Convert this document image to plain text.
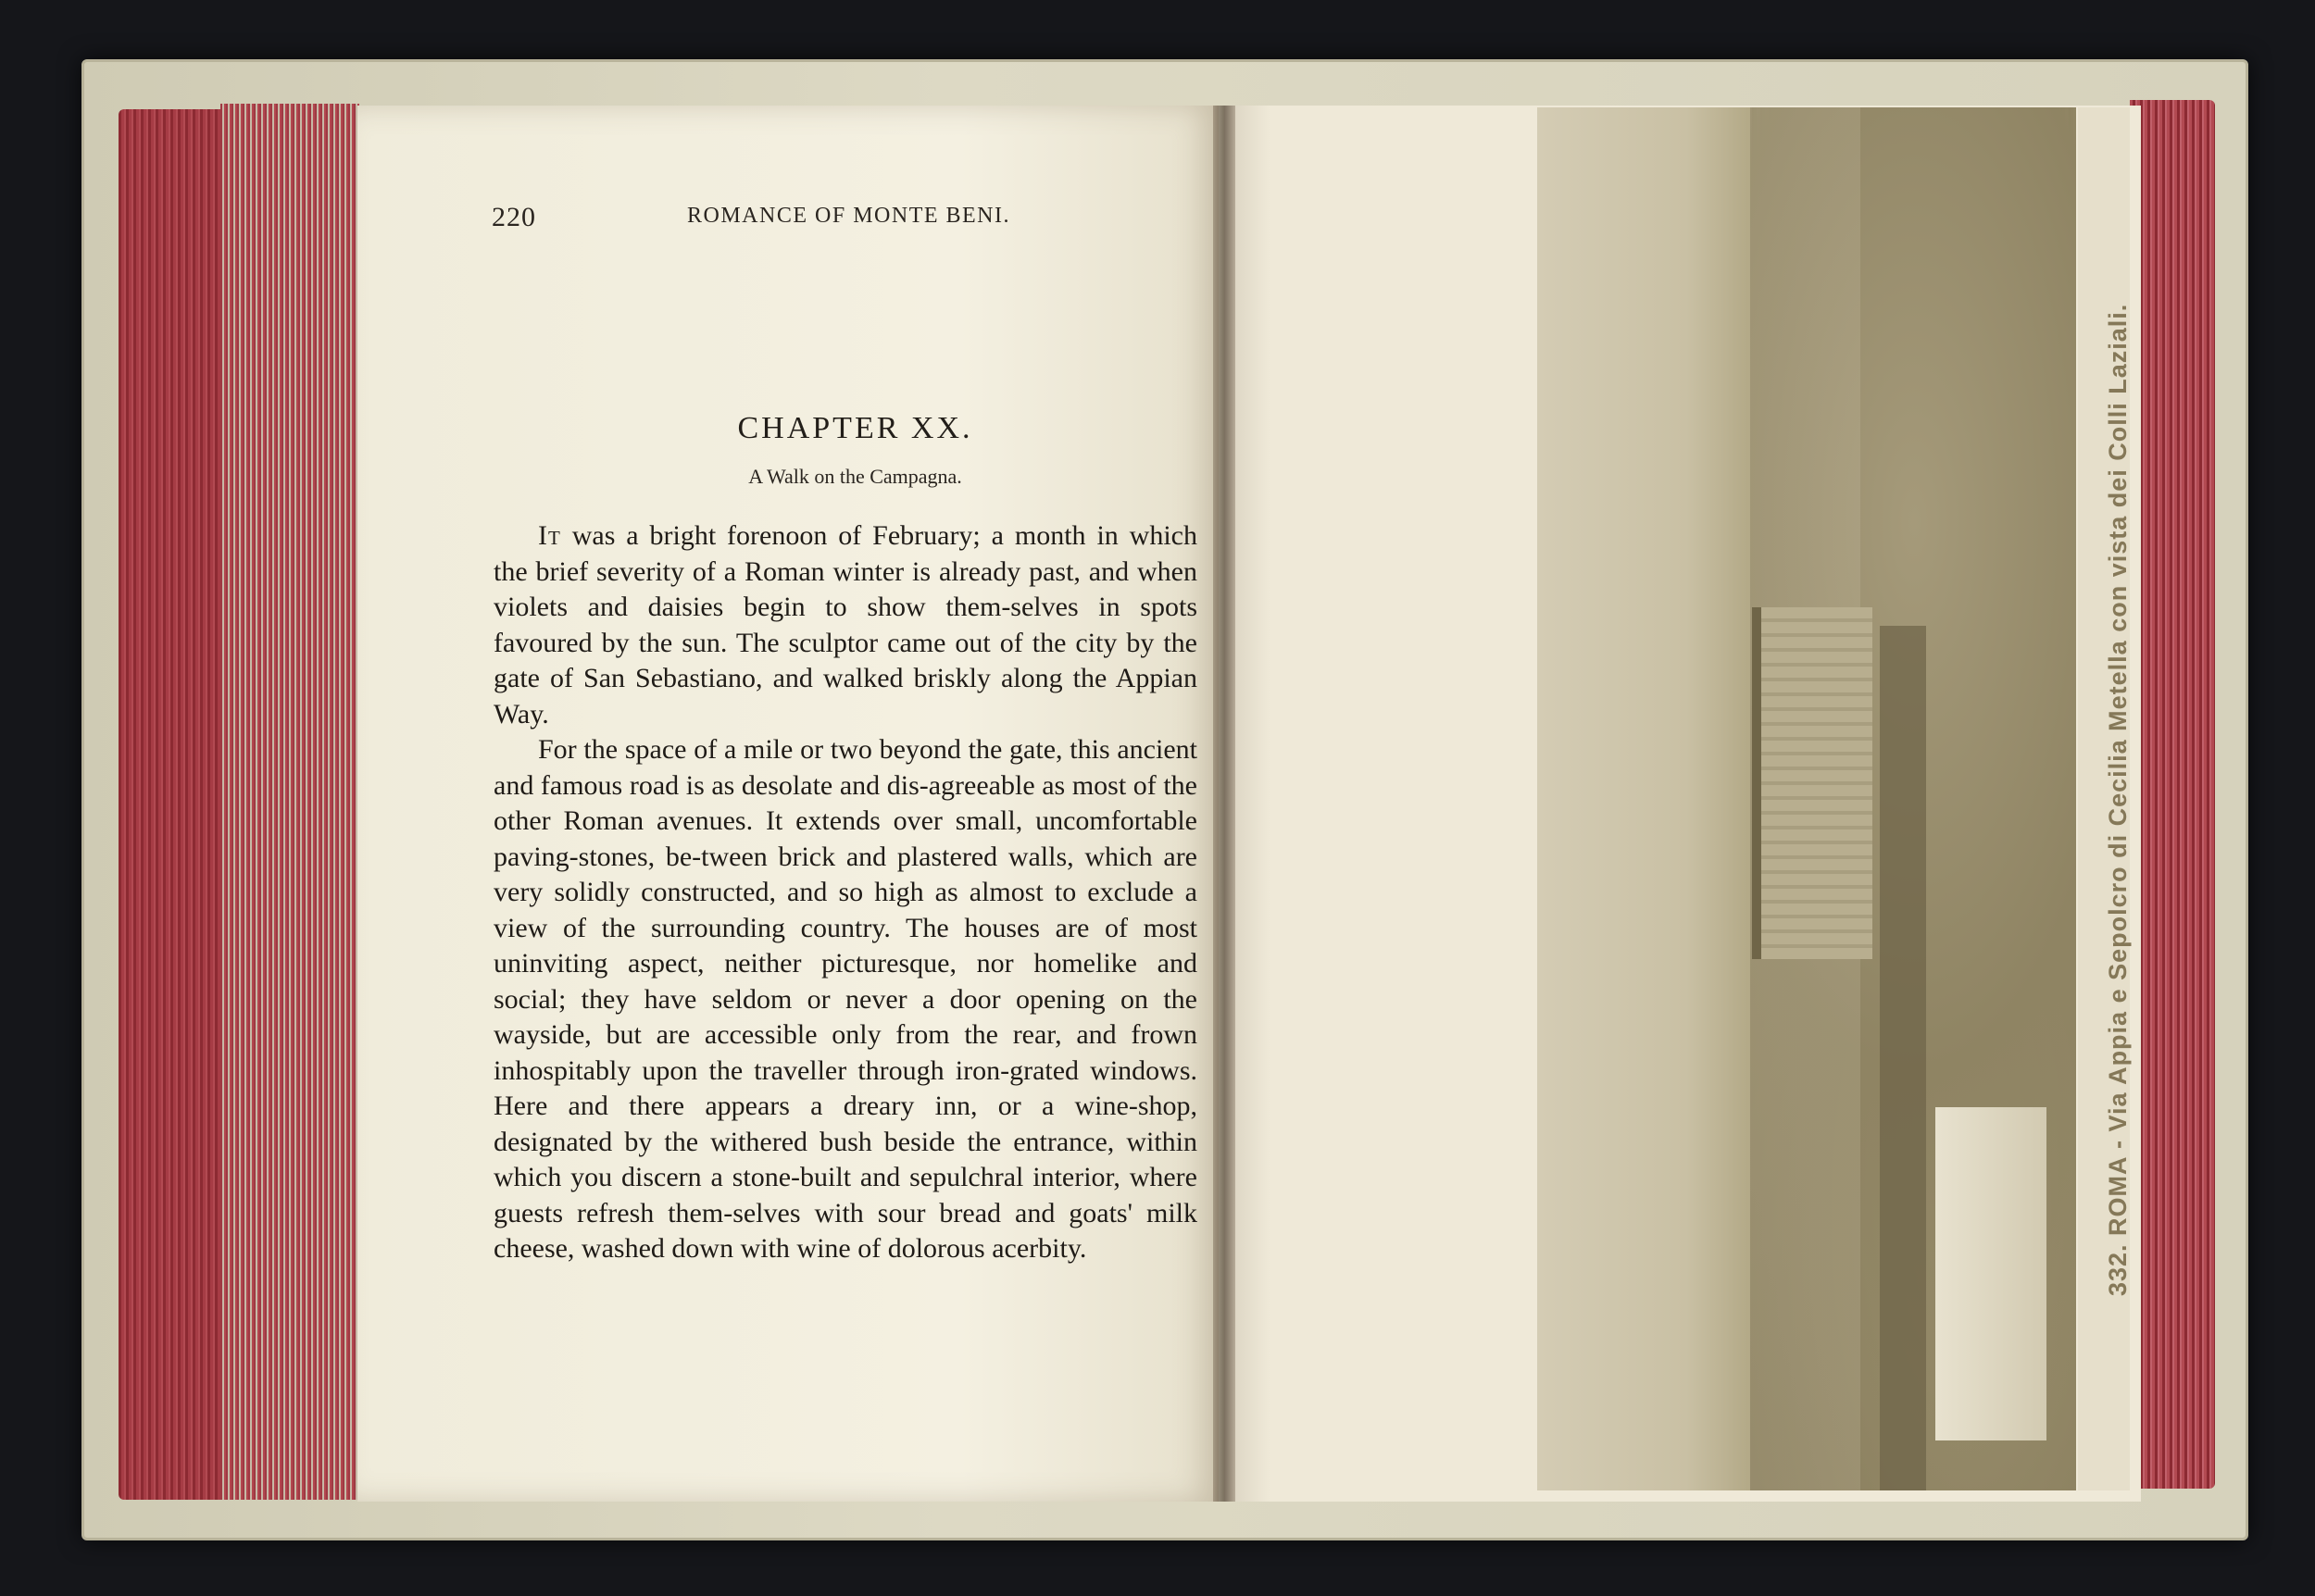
220	ROMANCE OF MONTE BENI.
CHAPTER XX.
A Walk on the Campagna.

It was a bright forenoon of February; a month in which the brief severity of a Roman winter is already past, and when violets and daisies begin to show them-selves in spots favoured by the sun. The sculptor came out of the city by the gate of San Sebastiano, and walked briskly along the Appian Way.

For the space of a mile or two beyond the gate, this ancient and famous road is as desolate and dis-agreeable as most of the other Roman avenues. It extends over small, uncomfortable paving-stones, be-tween brick and plastered walls, which are very solidly constructed, and so high as almost to exclude a view of the surrounding country. The houses are of most uninviting aspect, neither picturesque, nor homelike and social; they have seldom or never a door opening on the wayside, but are accessible only from the rear, and frown inhospitably upon the traveller through iron-grated windows. Here and there appears a dreary inn, or a wine-shop, designated by the withered bush beside the entrance, within which you discern a stone-built and sepulchral interior, where guests refresh them-selves with sour bread and goats' milk cheese, washed down with wine of dolorous acerbity.	332. ROMA - Via Appia e Sepolcro di Cecilia Metella con vista dei Colli Laziali.
